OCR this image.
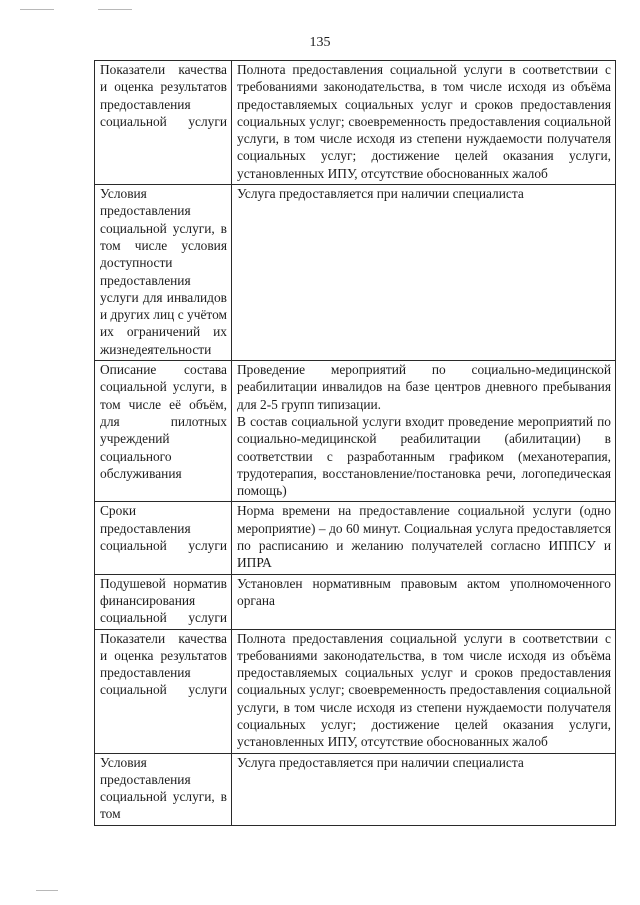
135
Показатели качества и оценка результатов предоставления социальной услуги	Полнота предоставления социальной услуги в соответствии с требованиями законодательства, в том числе исходя из объёма предоставляемых социальных услуг и сроков предоставления социальных услуг; своевременность предоставления социальной услуги, в том числе исходя из степени нуждаемости получателя социальных услуг; достижение целей оказания услуги, установленных ИПУ, отсутствие обоснованных жалоб

Условия предоставления социальной услуги, в том числе условия доступности предоставления услуги для инвалидов и других лиц с учётом их ограничений их жизнедеятельности	Услуга предоставляется при наличии специалиста

Описание состава социальной услуги, в том числе её объём, для пилотных учреждений социального обслуживания	Проведение мероприятий по социально-медицинской реабилитации инвалидов на базе центров дневного пребывания для 2-5 групп типизации.
В состав социальной услуги входит проведение мероприятий по социально-медицинской реабилитации (абилитации) в соответствии с разработанным графиком (механотерапия, трудотерапия, восстановление/постановка речи, логопедическая помощь)

Сроки предоставления социальной услуги	Норма времени на предоставление социальной услуги (одно мероприятие) – до 60 минут. Социальная услуга предоставляется по расписанию и желанию получателей согласно ИППСУ и ИПРА

Подушевой норматив финансирования социальной услуги	Установлен нормативным правовым актом уполномоченного органа

Показатели качества и оценка результатов предоставления социальной услуги	Полнота предоставления социальной услуги в соответствии с требованиями законодательства, в том числе исходя из объёма предоставляемых социальных услуг и сроков предоставления социальных услуг; своевременность предоставления социальной услуги, в том числе исходя из степени нуждаемости получателя социальных услуг; достижение целей оказания услуги, установленных ИПУ, отсутствие обоснованных жалоб

Условия предоставления социальной услуги, в том	Услуга предоставляется при наличии специалиста
